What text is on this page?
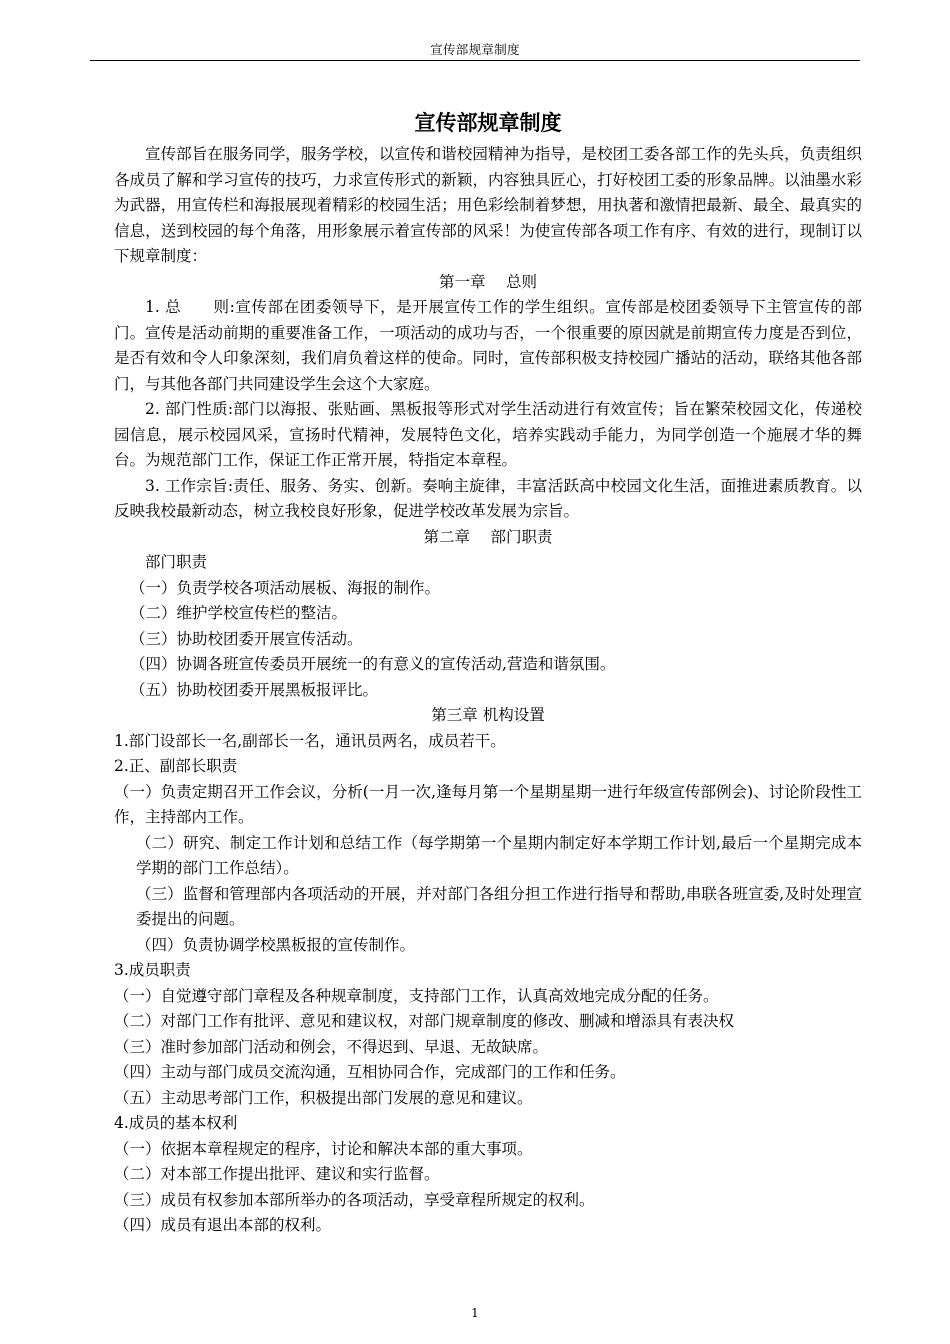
宣传部规章制度
宣传部规章制度

宣传部旨在服务同学，服务学校，以宣传和谐校园精神为指导，是校团工委各部工作的先头兵，负责组织各成员了解和学习宣传的技巧，力求宣传形式的新颖，内容独具匠心，打好校团工委的形象品牌。以油墨水彩为武器，用宣传栏和海报展现着精彩的校园生活；用色彩绘制着梦想，用执著和激情把最新、最全、最真实的信息，送到校园的每个角落，用形象展示着宣传部的风采！为使宣传部各项工作有序、有效的进行，现制订以下规章制度：

第一章　 总则

1. 总　　则:宣传部在团委领导下，是开展宣传工作的学生组织。宣传部是校团委领导下主管宣传的部门。宣传是活动前期的重要准备工作，一项活动的成功与否，一个很重要的原因就是前期宣传力度是否到位，是否有效和令人印象深刻，我们肩负着这样的使命。同时，宣传部积极支持校园广播站的活动，联络其他各部门，与其他各部门共同建设学生会这个大家庭。

2. 部门性质:部门以海报、张贴画、黑板报等形式对学生活动进行有效宣传；旨在繁荣校园文化，传递校园信息，展示校园风采，宣扬时代精神，发展特色文化，培养实践动手能力，为同学创造一个施展才华的舞台。为规范部门工作，保证工作正常开展，特指定本章程。

3. 工作宗旨:责任、服务、务实、创新。奏响主旋律，丰富活跃高中校园文化生活，面推进素质教育。以反映我校最新动态，树立我校良好形象，促进学校改革发展为宗旨。

第二章　 部门职责

部门职责

（一）负责学校各项活动展板、海报的制作。

（二）维护学校宣传栏的整洁。

（三）协助校团委开展宣传活动。

（四）协调各班宣传委员开展统一的有意义的宣传活动,营造和谐氛围。

（五）协助校团委开展黑板报评比。

第三章 机构设置

1.部门设部长一名,副部长一名，通讯员两名，成员若干。

2.正、副部长职责

（一）负责定期召开工作会议，分析(一月一次,逢每月第一个星期星期一进行年级宣传部例会)、讨论阶段性工作，主持部内工作。

（二）研究、制定工作计划和总结工作（每学期第一个星期内制定好本学期工作计划,最后一个星期完成本学期的部门工作总结）。

（三）监督和管理部内各项活动的开展，并对部门各组分担工作进行指导和帮助,串联各班宣委,及时处理宣委提出的问题。

（四）负责协调学校黑板报的宣传制作。

3.成员职责

（一）自觉遵守部门章程及各种规章制度，支持部门工作，认真高效地完成分配的任务。

（二）对部门工作有批评、意见和建议权，对部门规章制度的修改、删减和增添具有表决权

（三）准时参加部门活动和例会，不得迟到、早退、无故缺席。

（四）主动与部门成员交流沟通，互相协同合作，完成部门的工作和任务。

（五）主动思考部门工作，积极提出部门发展的意见和建议。

4.成员的基本权利

（一）依据本章程规定的程序，讨论和解决本部的重大事项。

（二）对本部工作提出批评、建议和实行监督。

（三）成员有权参加本部所举办的各项活动，享受章程所规定的权利。

（四）成员有退出本部的权利。

1
